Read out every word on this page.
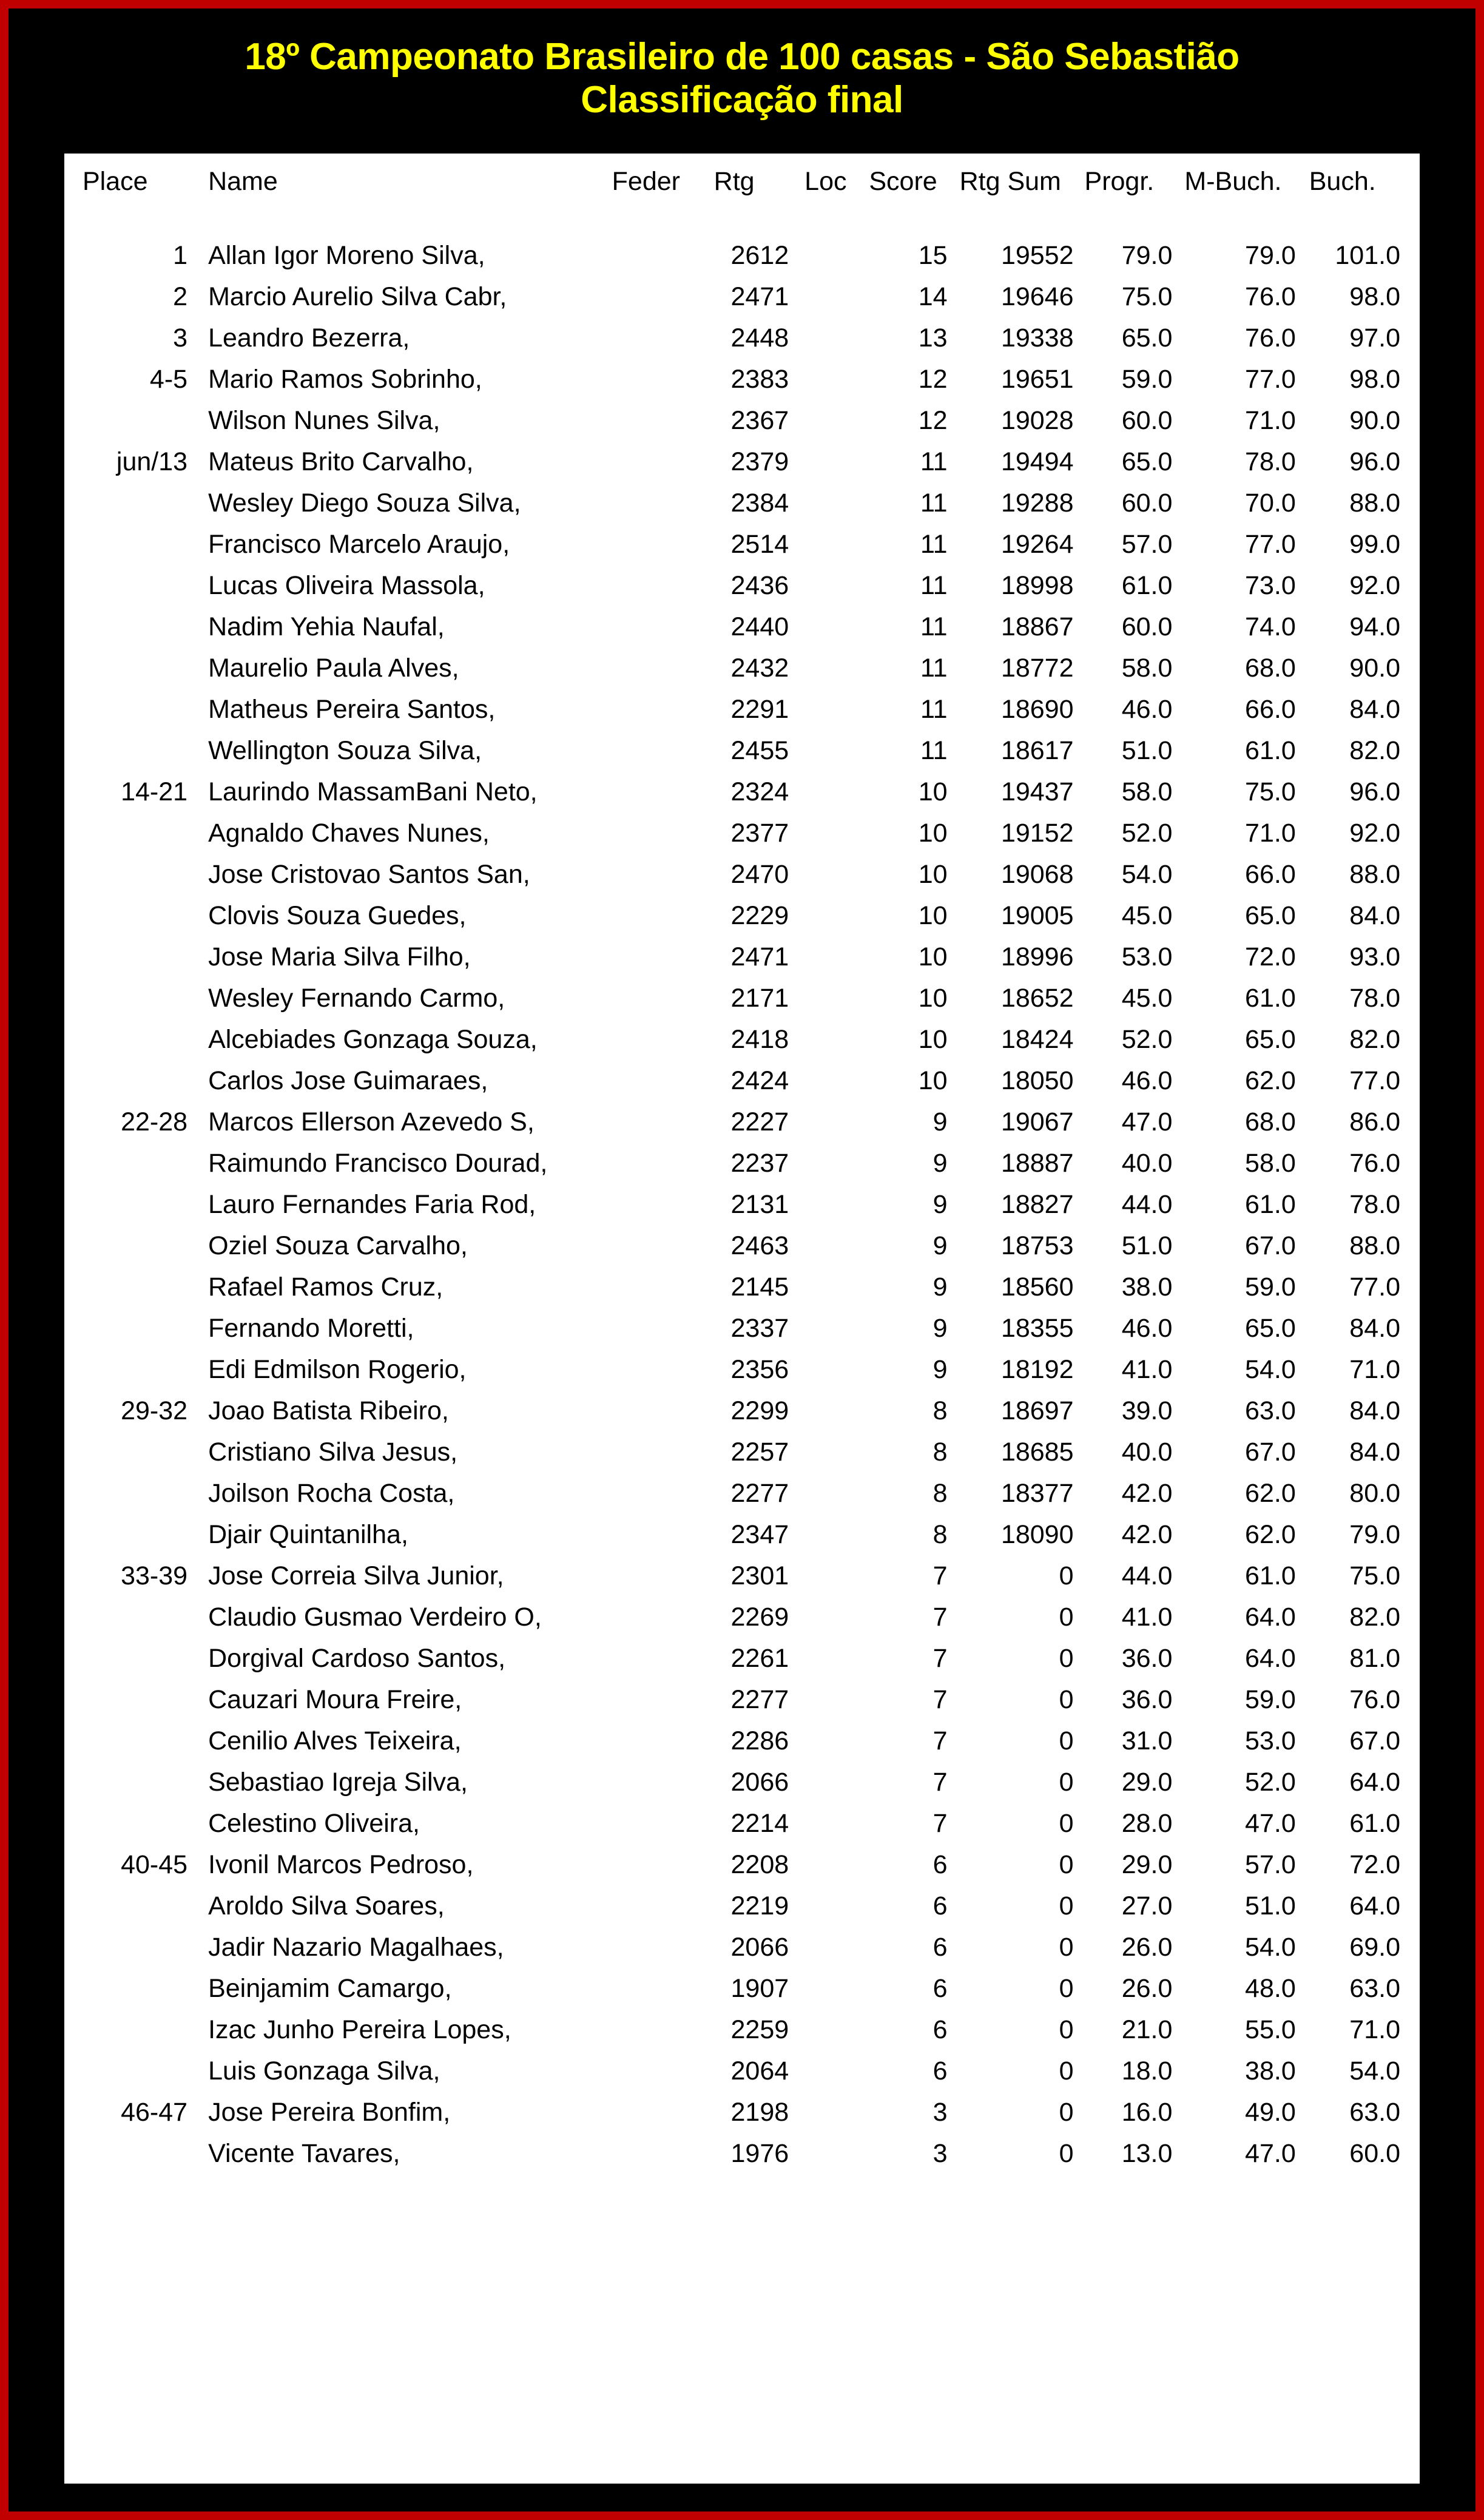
18º Campeonato Brasileiro de 100 casas - São Sebastião
Classificação final
Place	Name	Feder	Rtg	Loc	Score	Rtg Sum	Progr.	M-Buch.	Buch.

1	Allan Igor Moreno Silva,		2612		15	19552	79.0	79.0	101.0
2	Marcio Aurelio Silva Cabr,		2471		14	19646	75.0	76.0	98.0
3	Leandro Bezerra,		2448		13	19338	65.0	76.0	97.0
4-5	Mario Ramos Sobrinho,		2383		12	19651	59.0	77.0	98.0
	Wilson Nunes Silva,		2367		12	19028	60.0	71.0	90.0
jun/13	Mateus Brito Carvalho,		2379		11	19494	65.0	78.0	96.0
	Wesley Diego Souza Silva,		2384		11	19288	60.0	70.0	88.0
	Francisco Marcelo Araujo,		2514		11	19264	57.0	77.0	99.0
	Lucas Oliveira Massola,		2436		11	18998	61.0	73.0	92.0
	Nadim Yehia Naufal,		2440		11	18867	60.0	74.0	94.0
	Maurelio Paula Alves,		2432		11	18772	58.0	68.0	90.0
	Matheus Pereira Santos,		2291		11	18690	46.0	66.0	84.0
	Wellington Souza Silva,		2455		11	18617	51.0	61.0	82.0
14-21	Laurindo MassamBani Neto,		2324		10	19437	58.0	75.0	96.0
	Agnaldo Chaves Nunes,		2377		10	19152	52.0	71.0	92.0
	Jose Cristovao Santos San,		2470		10	19068	54.0	66.0	88.0
	Clovis Souza Guedes,		2229		10	19005	45.0	65.0	84.0
	Jose Maria Silva Filho,		2471		10	18996	53.0	72.0	93.0
	Wesley Fernando Carmo,		2171		10	18652	45.0	61.0	78.0
	Alcebiades Gonzaga Souza,		2418		10	18424	52.0	65.0	82.0
	Carlos Jose Guimaraes,		2424		10	18050	46.0	62.0	77.0
22-28	Marcos Ellerson Azevedo S,		2227		9	19067	47.0	68.0	86.0
	Raimundo Francisco Dourad,		2237		9	18887	40.0	58.0	76.0
	Lauro Fernandes Faria Rod,		2131		9	18827	44.0	61.0	78.0
	Oziel Souza Carvalho,		2463		9	18753	51.0	67.0	88.0
	Rafael Ramos Cruz,		2145		9	18560	38.0	59.0	77.0
	Fernando Moretti,		2337		9	18355	46.0	65.0	84.0
	Edi Edmilson Rogerio,		2356		9	18192	41.0	54.0	71.0
29-32	Joao Batista Ribeiro,		2299		8	18697	39.0	63.0	84.0
	Cristiano Silva Jesus,		2257		8	18685	40.0	67.0	84.0
	Joilson Rocha Costa,		2277		8	18377	42.0	62.0	80.0
	Djair Quintanilha,		2347		8	18090	42.0	62.0	79.0
33-39	Jose Correia Silva Junior,		2301		7	0	44.0	61.0	75.0
	Claudio Gusmao Verdeiro O,		2269		7	0	41.0	64.0	82.0
	Dorgival Cardoso Santos,		2261		7	0	36.0	64.0	81.0
	Cauzari Moura Freire,		2277		7	0	36.0	59.0	76.0
	Cenilio Alves Teixeira,		2286		7	0	31.0	53.0	67.0
	Sebastiao Igreja Silva,		2066		7	0	29.0	52.0	64.0
	Celestino Oliveira,		2214		7	0	28.0	47.0	61.0
40-45	Ivonil Marcos Pedroso,		2208		6	0	29.0	57.0	72.0
	Aroldo Silva Soares,		2219		6	0	27.0	51.0	64.0
	Jadir Nazario Magalhaes,		2066		6	0	26.0	54.0	69.0
	Beinjamim Camargo,		1907		6	0	26.0	48.0	63.0
	Izac Junho Pereira Lopes,		2259		6	0	21.0	55.0	71.0
	Luis Gonzaga Silva,		2064		6	0	18.0	38.0	54.0
46-47	Jose Pereira Bonfim,		2198		3	0	16.0	49.0	63.0
	Vicente Tavares,		1976		3	0	13.0	47.0	60.0
